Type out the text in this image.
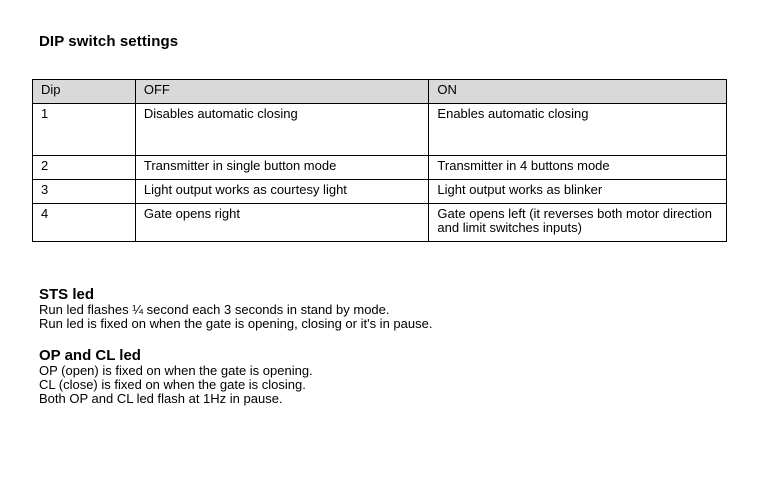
DIP switch settings
Dip	OFF	ON
1	Disables automatic closing	Enables automatic closing
2	Transmitter in single button mode	Transmitter in 4 buttons mode
3	Light output works as courtesy light	Light output works as blinker
4	Gate opens right	Gate opens left (it reverses both motor direction and limit switches inputs)
STS led
Run led flashes ¼ second each 3 seconds in stand by mode.
Run led is fixed on when the gate is opening, closing or it's in pause.
OP and CL led
OP (open) is fixed on when the gate is opening.
CL (close) is fixed on when the gate is closing.
Both OP and CL led flash at 1Hz in pause.
